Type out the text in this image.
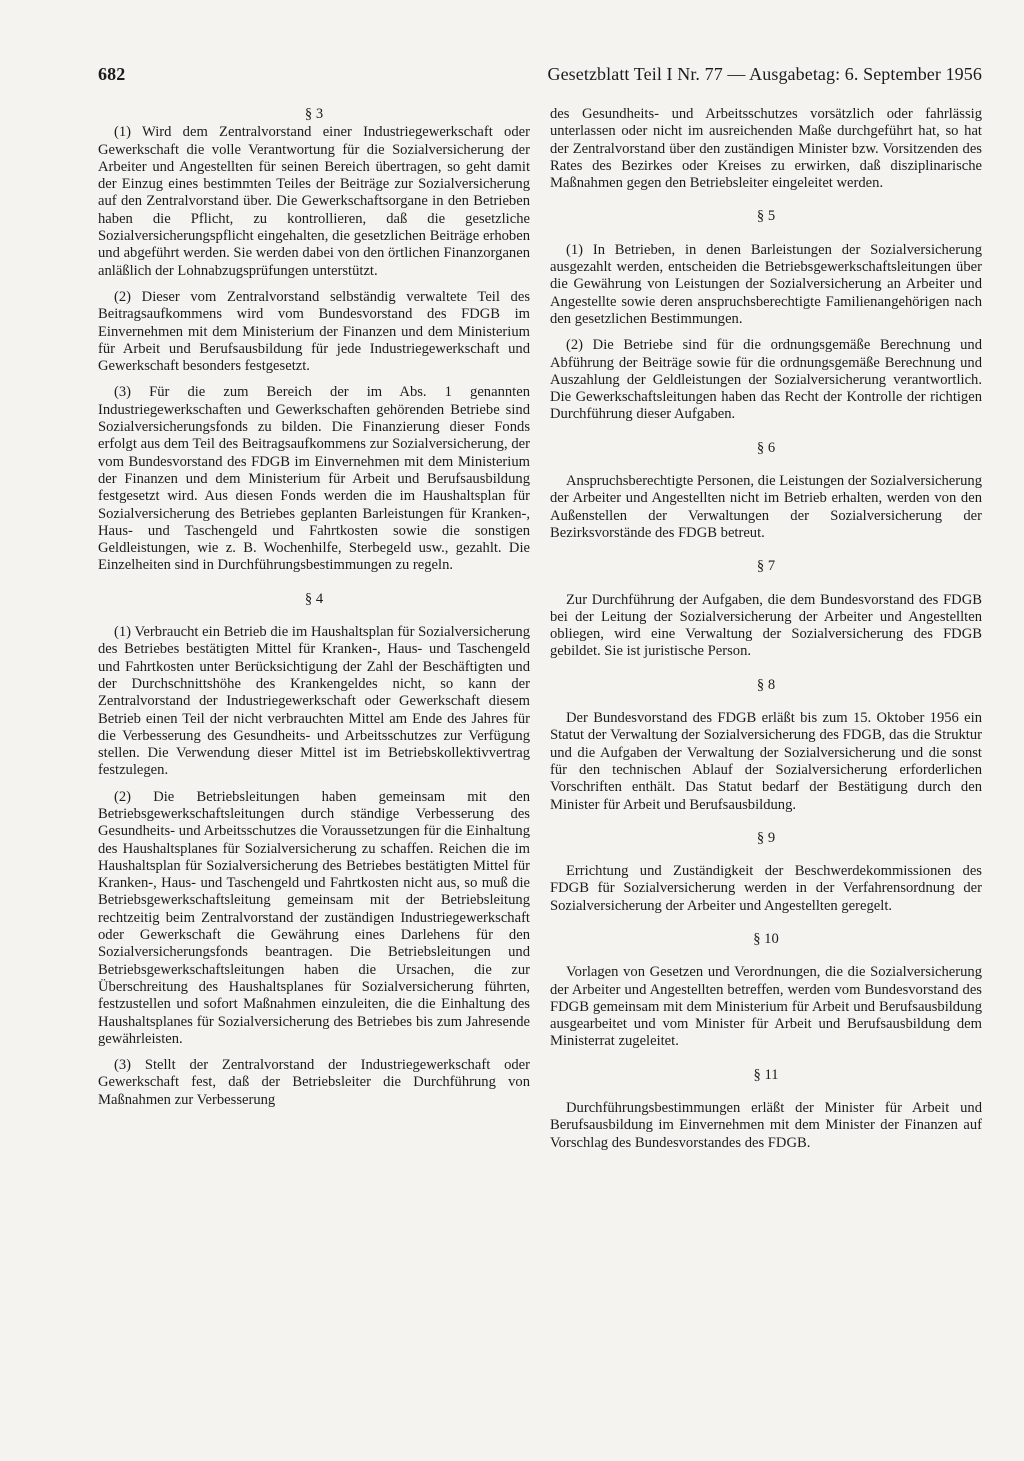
682	Gesetzblatt Teil I Nr. 77 — Ausgabetag: 6. September 1956

§ 3

(1) Wird dem Zentralvorstand einer Industriegewerkschaft oder Gewerkschaft die volle Verantwortung für die Sozialversicherung der Arbeiter und Angestellten für seinen Bereich übertragen, so geht damit der Einzug eines bestimmten Teiles der Beiträge zur Sozialversicherung auf den Zentralvorstand über. Die Gewerkschaftsorgane in den Betrieben haben die Pflicht, zu kontrollieren, daß die gesetzliche Sozialversicherungspflicht eingehalten, die gesetzlichen Beiträge erhoben und abgeführt werden. Sie werden dabei von den örtlichen Finanzorganen anläßlich der Lohnabzugsprüfungen unterstützt.

(2) Dieser vom Zentralvorstand selbständig verwaltete Teil des Beitragsaufkommens wird vom Bundesvorstand des FDGB im Einvernehmen mit dem Ministerium der Finanzen und dem Ministerium für Arbeit und Berufsausbildung für jede Industriegewerkschaft und Gewerkschaft besonders festgesetzt.

(3) Für die zum Bereich der im Abs. 1 genannten Industriegewerkschaften und Gewerkschaften gehörenden Betriebe sind Sozialversicherungsfonds zu bilden. Die Finanzierung dieser Fonds erfolgt aus dem Teil des Beitragsaufkommens zur Sozialversicherung, der vom Bundesvorstand des FDGB im Einvernehmen mit dem Ministerium der Finanzen und dem Ministerium für Arbeit und Berufsausbildung festgesetzt wird. Aus diesen Fonds werden die im Haushaltsplan für Sozialversicherung des Betriebes geplanten Barleistungen für Kranken-, Haus- und Taschengeld und Fahrtkosten sowie die sonstigen Geldleistungen, wie z. B. Wochenhilfe, Sterbegeld usw., gezahlt. Die Einzelheiten sind in Durchführungsbestimmungen zu regeln.

§ 4

(1) Verbraucht ein Betrieb die im Haushaltsplan für Sozialversicherung des Betriebes bestätigten Mittel für Kranken-, Haus- und Taschengeld und Fahrtkosten unter Berücksichtigung der Zahl der Beschäftigten und der Durchschnittshöhe des Krankengeldes nicht, so kann der Zentralvorstand der Industriegewerkschaft oder Gewerkschaft diesem Betrieb einen Teil der nicht verbrauchten Mittel am Ende des Jahres für die Verbesserung des Gesundheits- und Arbeitsschutzes zur Verfügung stellen. Die Verwendung dieser Mittel ist im Betriebskollektivvertrag festzulegen.

(2) Die Betriebsleitungen haben gemeinsam mit den Betriebsgewerkschaftsleitungen durch ständige Verbesserung des Gesundheits- und Arbeitsschutzes die Voraussetzungen für die Einhaltung des Haushaltsplanes für Sozialversicherung zu schaffen. Reichen die im Haushaltsplan für Sozialversicherung des Betriebes bestätigten Mittel für Kranken-, Haus- und Taschengeld und Fahrtkosten nicht aus, so muß die Betriebsgewerkschaftsleitung gemeinsam mit der Betriebsleitung rechtzeitig beim Zentralvorstand der zuständigen Industriegewerkschaft oder Gewerkschaft die Gewährung eines Darlehens für den Sozialversicherungsfonds beantragen. Die Betriebsleitungen und Betriebsgewerkschaftsleitungen haben die Ursachen, die zur Überschreitung des Haushaltsplanes für Sozialversicherung führten, festzustellen und sofort Maßnahmen einzuleiten, die die Einhaltung des Haushaltsplanes für Sozialversicherung des Betriebes bis zum Jahresende gewährleisten.

(3) Stellt der Zentralvorstand der Industriegewerkschaft oder Gewerkschaft fest, daß der Betriebsleiter die Durchführung von Maßnahmen zur Verbesserung

des Gesundheits- und Arbeitsschutzes vorsätzlich oder fahrlässig unterlassen oder nicht im ausreichenden Maße durchgeführt hat, so hat der Zentralvorstand über den zuständigen Minister bzw. Vorsitzenden des Rates des Bezirkes oder Kreises zu erwirken, daß disziplinarische Maßnahmen gegen den Betriebsleiter eingeleitet werden.

§ 5

(1) In Betrieben, in denen Barleistungen der Sozialversicherung ausgezahlt werden, entscheiden die Betriebsgewerkschaftsleitungen über die Gewährung von Leistungen der Sozialversicherung an Arbeiter und Angestellte sowie deren anspruchsberechtigte Familienangehörigen nach den gesetzlichen Bestimmungen.

(2) Die Betriebe sind für die ordnungsgemäße Berechnung und Abführung der Beiträge sowie für die ordnungsgemäße Berechnung und Auszahlung der Geldleistungen der Sozialversicherung verantwortlich. Die Gewerkschaftsleitungen haben das Recht der Kontrolle der richtigen Durchführung dieser Aufgaben.

§ 6

Anspruchsberechtigte Personen, die Leistungen der Sozialversicherung der Arbeiter und Angestellten nicht im Betrieb erhalten, werden von den Außenstellen der Verwaltungen der Sozialversicherung der Bezirksvorstände des FDGB betreut.

§ 7

Zur Durchführung der Aufgaben, die dem Bundesvorstand des FDGB bei der Leitung der Sozialversicherung der Arbeiter und Angestellten obliegen, wird eine Verwaltung der Sozialversicherung des FDGB gebildet. Sie ist juristische Person.

§ 8

Der Bundesvorstand des FDGB erläßt bis zum 15. Oktober 1956 ein Statut der Verwaltung der Sozialversicherung des FDGB, das die Struktur und die Aufgaben der Verwaltung der Sozialversicherung und die sonst für den technischen Ablauf der Sozialversicherung erforderlichen Vorschriften enthält. Das Statut bedarf der Bestätigung durch den Minister für Arbeit und Berufsausbildung.

§ 9

Errichtung und Zuständigkeit der Beschwerdekommissionen des FDGB für Sozialversicherung werden in der Verfahrensordnung der Sozialversicherung der Arbeiter und Angestellten geregelt.

§ 10

Vorlagen von Gesetzen und Verordnungen, die die Sozialversicherung der Arbeiter und Angestellten betreffen, werden vom Bundesvorstand des FDGB gemeinsam mit dem Ministerium für Arbeit und Berufsausbildung ausgearbeitet und vom Minister für Arbeit und Berufsausbildung dem Ministerrat zugeleitet.

§ 11

Durchführungsbestimmungen erläßt der Minister für Arbeit und Berufsausbildung im Einvernehmen mit dem Minister der Finanzen auf Vorschlag des Bundesvorstandes des FDGB.
